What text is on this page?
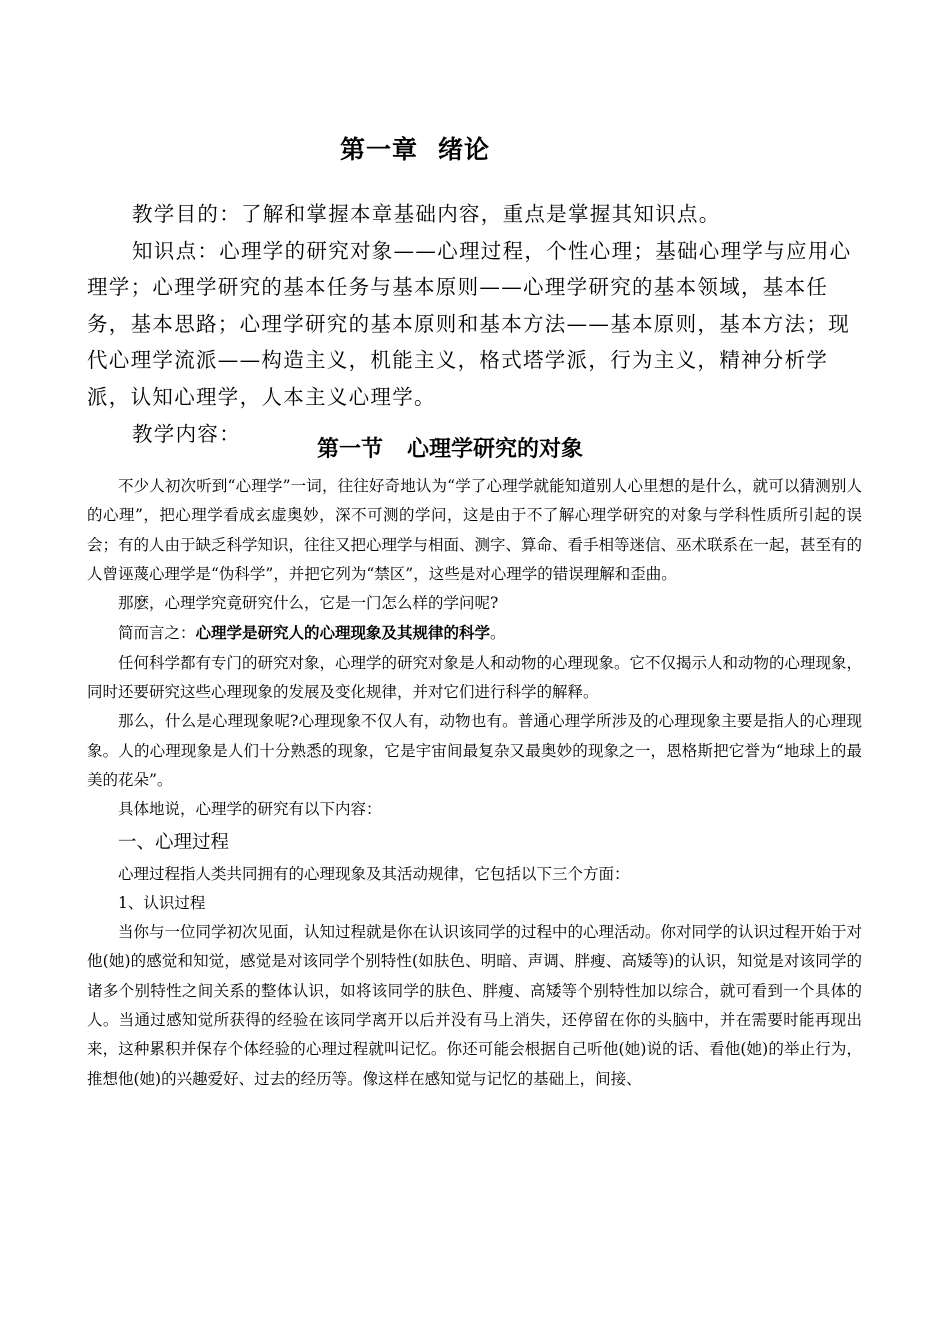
第一章 绪论

教学目的：了解和掌握本章基础内容，重点是掌握其知识点。

知识点：心理学的研究对象——心理过程，个性心理；基础心理学与应用心理学；心理学研究的基本任务与基本原则——心理学研究的基本领域，基本任务，基本思路；心理学研究的基本原则和基本方法——基本原则，基本方法；现代心理学流派——构造主义，机能主义，格式塔学派，行为主义，精神分析学派，认知心理学，人本主义心理学。

教学内容：

第一节 心理学研究的对象

不少人初次听到“心理学”一词，往往好奇地认为“学了心理学就能知道别人心里想的是什么，就可以猜测别人的心理”，把心理学看成玄虚奥妙，深不可测的学问，这是由于不了解心理学研究的对象与学科性质所引起的误会；有的人由于缺乏科学知识，往往又把心理学与相面、测字、算命、看手相等迷信、巫术联系在一起，甚至有的人曾诬蔑心理学是“伪科学”，并把它列为“禁区”，这些是对心理学的错误理解和歪曲。

那麽，心理学究竟研究什么，它是一门怎么样的学问呢?

简而言之：心理学是研究人的心理现象及其规律的科学。

任何科学都有专门的研究对象，心理学的研究对象是人和动物的心理现象。它不仅揭示人和动物的心理现象，同时还要研究这些心理现象的发展及变化规律，并对它们进行科学的解释。

那么，什么是心理现象呢?心理现象不仅人有，动物也有。普通心理学所涉及的心理现象主要是指人的心理现象。人的心理现象是人们十分熟悉的现象，它是宇宙间最复杂又最奥妙的现象之一，恩格斯把它誉为“地球上的最美的花朵”。

具体地说，心理学的研究有以下内容：

一、心理过程

心理过程指人类共同拥有的心理现象及其活动规律，它包括以下三个方面：

1、认识过程

当你与一位同学初次见面，认知过程就是你在认识该同学的过程中的心理活动。你对同学的认识过程开始于对他(她)的感觉和知觉，感觉是对该同学个别特性(如肤色、明暗、声调、胖瘦、高矮等)的认识，知觉是对该同学的诸多个别特性之间关系的整体认识，如将该同学的肤色、胖瘦、高矮等个别特性加以综合，就可看到一个具体的人。当通过感知觉所获得的经验在该同学离开以后并没有马上消失，还停留在你的头脑中，并在需要时能再现出来，这种累积并保存个体经验的心理过程就叫记忆。你还可能会根据自己听他(她)说的话、看他(她)的举止行为，推想他(她)的兴趣爱好、过去的经历等。像这样在感知觉与记忆的基础上，间接、
